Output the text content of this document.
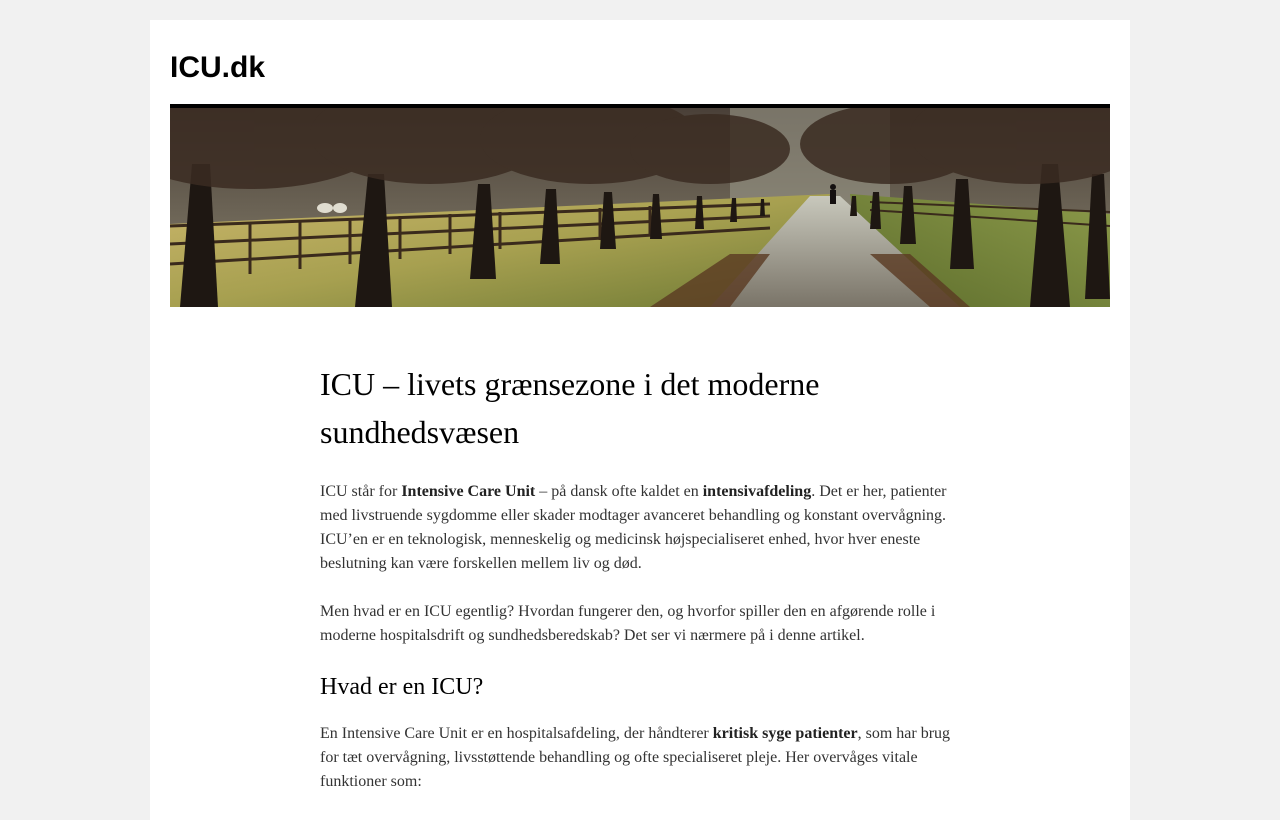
ICU.dk
ICU – livets grænsezone i det moderne sundhedsvæsen

ICU står for Intensive Care Unit – på dansk ofte kaldet en intensivafdeling. Det er her, patienter med livstruende sygdomme eller skader modtager avanceret behandling og konstant overvågning. ICU’en er en teknologisk, menneskelig og medicinsk højspecialiseret enhed, hvor hver eneste beslutning kan være forskellen mellem liv og død.

Men hvad er en ICU egentlig? Hvordan fungerer den, og hvorfor spiller den en afgørende rolle i moderne hospitalsdrift og sundhedsberedskab? Det ser vi nærmere på i denne artikel.

Hvad er en ICU?

En Intensive Care Unit er en hospitalsafdeling, der håndterer kritisk syge patienter, som har brug for tæt overvågning, livsstøttende behandling og ofte specialiseret pleje. Her overvåges vitale funktioner som:
